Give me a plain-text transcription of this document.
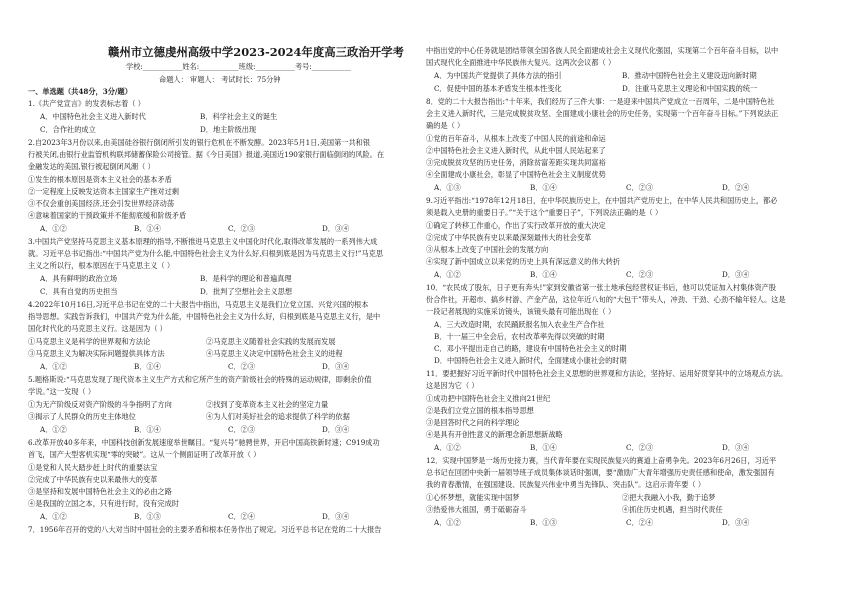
赣州市立德虔州高级中学2023-2024年度高三政治开学考
学校:___________姓名:___________班级:___________考号:___________
命题人： 审题人： 考试时长：75分钟
一、单选题（共48分，3分/题）
1.《共产党宣言》的发表标志着（ ）
A．中国特色社会主义进入新时代	B．科学社会主义的诞生
C．合作社的成立	D．地主阶级出现
2.自2023年3月份以来,由美国硅谷银行倒闭所引发的银行危机在不断发酵。2023年5月1日,美国第一共和银
行被关闭,由银行业监管机构联邦储蓄保险公司接管。据《今日美国》报道,美国近190家银行面临倒闭的风险。在
金融发达的美国,银行被起倒闭风潮（ ）
①发生的根本原因是资本主义社会的基本矛盾
②一定程度上反映发达资本主国家生产挫对过剩
③不仅会重创美国经济,还会引发世界经济动荡
④意味着国家的干预政策并不能彻底缓和阶级矛盾
A．①②	B．①④	C．②③	D．③④
3.中国共产党坚持马克思主义基本原理的指导,不断推进马克思主义中国化时代化,取得改革发展的一系列伟大成
就。习近平总书记指出:“中国共产党为什么能,中国特色社会主义为什么好,归根到底是因为马克思主义行!”马克思
主义之所以行，根本原因在于马克思主义（ ）
A．具有鲜明的政治立场	B．是科学的理论和普遍真理
C．具有自觉的历史担当	D．批判了空想社会主义思想
4.2022年10月16日,习近平总书记在党的二十大报告中指出，马克思主义是我们立党立国、兴党兴国的根本
指导思想。实践告诉我们，中国共产党为什么能，中国特色社会主义为什么好，归根到底是马克思主义行，是中
国化时代化的马克思主义行。这是因为（ ）
①马克思主义是科学的世界观和方法论	②马克思主义随着社会实践的发展而发展
③马克思主义为解决实际问题提供具体方法	④马克思主义决定中国特色社会主义的进程
A．①②	B．①④	C．②③	D．③④
5.题格斯说:“马克思发现了现代资本主义生产方式和它所产生的资产阶级社会的特殊的运动规律，即剩余价值
学说。”这一发现（ ）
①为无产阶级反对资产阶级的斗争指明了方向	②找到了变革资本主义社会的坚定力量
③揭示了人民群众的历史主体地位	④为人们对美好社会的追求提供了科学的依据
A．①②	B．①④	C．②③	D．③④
6.改革开放40多年来，中国科技创新发展速度举世瞩目。“复兴号”驰骋世界，开启中国高铁新时速；C919成功
首飞，国产大型客机实现“零的突破”。这从一个侧面证明了改革开放（ ）
①是党和人民大踏步赶上时代的重要法宝
②完成了中华民族有史以来最伟大的变革
③是坚持和发展中国特色社会主义的必由之路
④是我国的立国之本，只有进行时，没有完成时
A．①②	B．①③	C．②④	D．③④
7．1956年召开的党的八大对当时中国社会的主要矛盾和根本任务作出了规定。习近平总书记在党的二十大报告
中指出党的中心任务就是团结带领全国各族人民全面建成社会主义现代化强国，实现第二个百年奋斗目标，以中
国式现代化全面推进中华民族伟大复兴。这两次会议都（ ）
A．为中国共产党提供了具体方法的指引	B．推动中国特色社会主义建设迈向新时期
C．促使中国的基本矛盾发生根本性变化	D．注重马克思主义理论和中国实践的统一
8．党的二十大报告指出:“十年来，我们经历了三件大事：一是迎来中国共产党成立一百周年，二是中国特色社
会主义进入新时代，三是完成脱贫攻坚、全面建成小康社会的历史任务，实现第一个百年奋斗目标。”下列说法正
确的是（ ）
①党的百年奋斗，从根本上改变了中国人民的前途和命运
②中国特色社会主义进入新时代，从此中国人民站起来了
③完成脱贫攻坚的历史任务，消除贫富差距实现共同富裕
④全面建成小康社会，彰显了中国特色社会主义制度优势
A．①③	B．①④	C．②③	D．②④
9.习近平指出:“1978年12月18日，在中华民族历史上，在中国共产党历史上，在中华人民共和国历史上，都必
须是载入史册的重要日子。”“关于这个“重要日子”，下列说法正确的是（ ）
①确定了转移工作重心，作出了实行改革开放的重大决定
②完成了中华民族有史以来最深刻最伟大的社会变革
③从根本上改变了中国社会的发展方向
④实现了新中国成立以来党的历史上具有深远意义的伟大转折
A．①②	B．①④	C．②③	D．③④
10．“农民成了股东，日子更有奔头!”家到安徽省第一张土地承包经营权证书后，他可以凭证加入村集体资产股
份合作社，开超市、搞乡村游、产金产品，这位年近八旬的“大包干”带头人，冲劲、干劲、心劲不输年轻人。这是
一段记者展现的实施采访镜头，该镜头最有可能出现在（ ）
A．三大改造时期，农民踊跃报名加入农业生产合作社
B．十一届三中全会后，农村改革率先得以突破的时期
C．邓小平提出走自己的路，建设有中国特色社会主义的时期
D．中国特色社会主义进入新时代，全面建成小康社会的时期
11．要把握好习近平新时代中国特色社会主义思想的世界观和方法论，坚持好、运用好贯穿其中的立场观点方法。
这是因为它（ ）
①成功把中国特色社会主义推向21世纪
②是我们立党立国的根本指导思想
③是回答时代之问的科学理论
④是具有开创性意义的新理念新思想新战略
A．①②	B．①④	C．②③	D．③④
12．实现中国梦是一场历史接力赛，当代青年要在实现民族复兴的赛道上奋勇争先。2023年6月26日，习近平
总书记在回团中央新一届领导班子成员集体谈话时强调，要“激励广大青年增强历史责任感和使命，激发强国有
我的青春激情，在强国建设、民族复兴伟业中勇当先锋队、突击队”。这启示青年要（ ）
①心怀梦想，就能实现中国梦	②把大我融入小我，勤于追梦
③热爱伟大祖国，勇于砥砺奋斗	④抓住历史机遇，担当时代责任
A．①②	B．①③	C．②④	D．③④
